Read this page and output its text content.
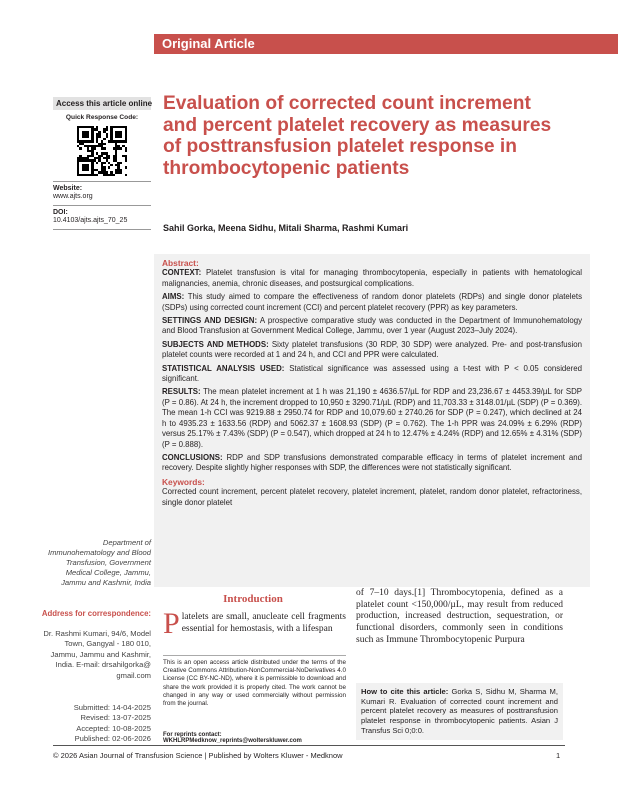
Original Article
Access this article online
Quick Response Code:
Website:
www.ajts.org
DOI:
10.4103/ajts.ajts_70_25
Evaluation of corrected count increment and percent platelet recovery as measures of posttransfusion platelet response in thrombocytopenic patients
Sahil Gorka, Meena Sidhu, Mitali Sharma, Rashmi Kumari
Abstract:

CONTEXT: Platelet transfusion is vital for managing thrombocytopenia, especially in patients with hematological malignancies, anemia, chronic diseases, and postsurgical complications.

AIMS: This study aimed to compare the effectiveness of random donor platelets (RDPs) and single donor platelets (SDPs) using corrected count increment (CCI) and percent platelet recovery (PPR) as key parameters.

SETTINGS AND DESIGN: A prospective comparative study was conducted in the Department of Immunohematology and Blood Transfusion at Government Medical College, Jammu, over 1 year (August 2023–July 2024).

SUBJECTS AND METHODS: Sixty platelet transfusions (30 RDP, 30 SDP) were analyzed. Pre- and post-transfusion platelet counts were recorded at 1 and 24 h, and CCI and PPR were calculated.

STATISTICAL ANALYSIS USED: Statistical significance was assessed using a t-test with P < 0.05 considered significant.

RESULTS: The mean platelet increment at 1 h was 21,190 ± 4636.57/µL for RDP and 23,236.67 ± 4453.39/µL for SDP (P = 0.86). At 24 h, the increment dropped to 10,950 ± 3290.71/µL (RDP) and 11,703.33 ± 3148.01/µL (SDP) (P = 0.369). The mean 1-h CCI was 9219.88 ± 2950.74 for RDP and 10,079.60 ± 2740.26 for SDP (P = 0.247), which declined at 24 h to 4935.23 ± 1633.56 (RDP) and 5062.37 ± 1608.93 (SDP) (P = 0.762). The 1-h PPR was 24.09% ± 6.29% (RDP) versus 25.17% ± 7.43% (SDP) (P = 0.547), which dropped at 24 h to 12.47% ± 4.24% (RDP) and 12.65% ± 4.31% (SDP) (P = 0.888).

CONCLUSIONS: RDP and SDP transfusions demonstrated comparable efficacy in terms of platelet increment and recovery. Despite slightly higher responses with SDP, the differences were not statistically significant.

Keywords:

Corrected count increment, percent platelet recovery, platelet increment, platelet, random donor platelet, refractoriness, single donor platelet

Department of Immunohematology and Blood Transfusion, Government Medical College, Jammu, Jammu and Kashmir, India
Address for correspondence:
Dr. Rashmi Kumari, 94/6, Model Town, Gangyal - 180 010, Jammu, Jammu and Kashmir, India. E-mail: drsahilgorka@ gmail.com
Submitted: 14-04-2025
Revised: 13-07-2025
Accepted: 10-08-2025
Published: 02-06-2026
Introduction
Platelets are small, anucleate cell fragments essential for hemostasis, with a lifespan
This is an open access article distributed under the terms of the Creative Commons Attribution-NonCommercial-NoDerivatives 4.0 License (CC BY-NC-ND), where it is permissible to download and share the work provided it is properly cited. The work cannot be changed in any way or used commercially without permission from the journal.
For reprints contact: WKHLRPMedknow_reprints@wolterskluwer.com
of 7–10 days.[1] Thrombocytopenia, defined as a platelet count <150,000/µL, may result from reduced production, increased destruction, sequestration, or functional disorders, commonly seen in conditions such as Immune Thrombocytopenic Purpura
How to cite this article: Gorka S, Sidhu M, Sharma M, Kumari R. Evaluation of corrected count increment and percent platelet recovery as measures of posttransfusion platelet response in thrombocytopenic patients. Asian J Transfus Sci 0;0:0.
© 2026 Asian Journal of Transfusion Science | Published by Wolters Kluwer - Medknow	1
